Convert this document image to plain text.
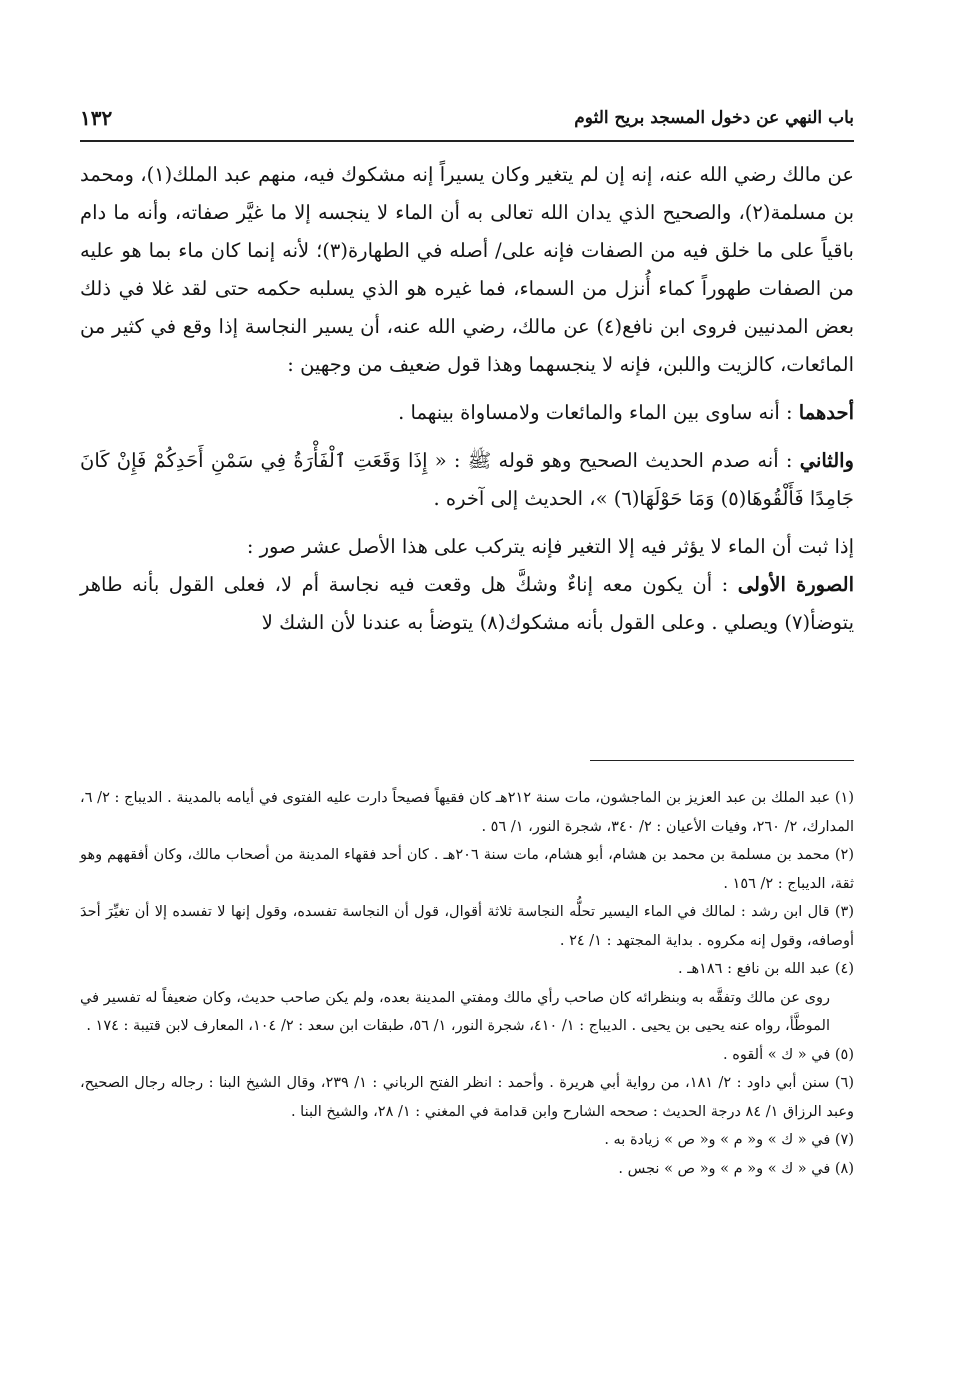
باب النهي عن دخول المسجد بريح الثوم
١٣٢

عن مالك رضي الله عنه، إنه إن لم يتغير وكان يسيراً إنه مشكوك فيه، منهم عبد الملك(١)، ومحمد بن مسلمة(٢)، والصحيح الذي يدان الله تعالى به أن الماء لا ينجسه إلا ما غيَّر صفاته، وأنه ما دام باقياً على ما خلق فيه من الصفات فإنه على/ أصله في الطهارة(٣)؛ لأنه إنما كان ماء بما هو عليه من الصفات طهوراً كماء أُنزل من السماء، فما غيره هو الذي يسلبه حكمه حتى لقد غلا في ذلك بعض المدنيين فروى ابن نافع(٤) عن مالك، رضي الله عنه، أن يسير النجاسة إذا وقع في كثير من المائعات، كالزيت واللبن، فإنه لا ينجسهما وهذا قول ضعيف من وجهين :

أحدهما : أنه ساوى بين الماء والمائعات ولامساواة بينهما .

والثاني : أنه صدم الحديث الصحيح وهو قوله ﷺ : « إِذَا وَقَعَتِ ٱلْفَأْرَةُ فِي سَمْنِ أَحَدِكُمْ فَإِنْ كَانَ جَامِدًا فَأَلْقُوهَا(٥) وَمَا حَوْلَهَا(٦) »، الحديث إلى آخره .

إذا ثبت أن الماء لا يؤثر فيه إلا التغير فإنه يتركب على هذا الأصل عشر صور :

الصورة الأولى : أن يكون معه إناءٌ وشكَّ هل وقعت فيه نجاسة أم لا، فعلى القول بأنه طاهر يتوضأ(٧) ويصلي . وعلى القول بأنه مشكوك(٨) يتوضأ به عندنا لأن الشك لا

(١) عبد الملك بن عبد العزيز بن الماجشون، مات سنة ٢١٢هـ كان فقيهاً فصيحاً دارت عليه الفتوى في أيامه بالمدينة . الديباج : ٢/ ٦، المدارك، ٢/ ٢٦٠، وفيات الأعيان : ٢/ ٣٤٠، شجرة النور، ١/ ٥٦ .

(٢) محمد بن مسلمة بن محمد بن هشام، أبو هشام، مات سنة ٢٠٦هـ . كان أحد فقهاء المدينة من أصحاب مالك، وكان أفقههم وهو ثقة، الديباج : ٢/ ١٥٦ .

(٣) قال ابن رشد : لمالك في الماء اليسير تحلُّه النجاسة ثلاثة أقوال، قول أن النجاسة تفسده، وقول إنها لا تفسده إلا أن تغيِّرَ أحدَ أوصافه، وقول إنه مكروه . بداية المجتهد : ١/ ٢٤ .

(٤) عبد الله بن نافع : ١٨٦هـ .

روى عن مالك وتفقَّه به وبنظرائه كان صاحب رأي مالك ومفتي المدينة بعده، ولم يكن صاحب حديث، وكان ضعيفاً له تفسير في الموطَّأ، رواه عنه يحيى بن يحيى . الديباج : ١/ ٤١٠، شجرة النور، ١/ ٥٦، طبقات ابن سعد : ٢/ ١٠٤، المعارف لابن قتيبة : ١٧٤ .

(٥) في « ك » ألقوه .

(٦) سنن أبي داود : ٢/ ١٨١، من رواية أبي هريرة . وأحمد : انظر الفتح الرباني : ١/ ٢٣٩، وقال الشيخ البنا : رجاله رجال الصحيح، وعبد الرزاق ١/ ٨٤ درجة الحديث : صححه الشارح وابن قدامة في المغني : ١/ ٢٨، والشيخ البنا .

(٧) في « ك » و« م » و« ص » زيادة به .

(٨) في « ك » و« م » و« ص » نجس .
